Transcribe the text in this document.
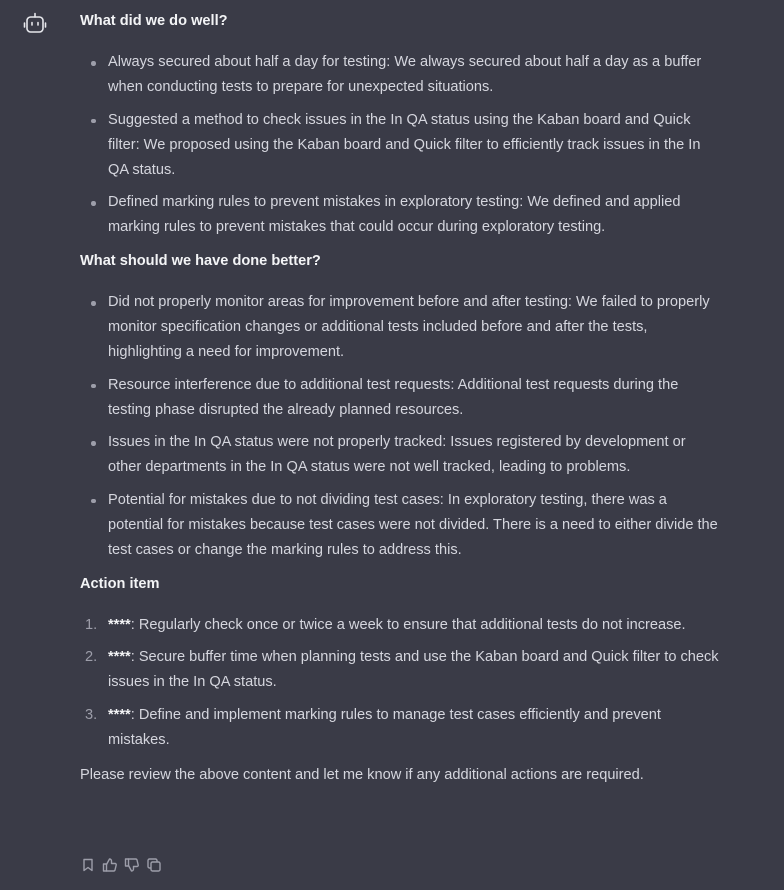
What did we do well?
Always secured about half a day for testing: We always secured about half a day as a buffer when conducting tests to prepare for unexpected situations.
Suggested a method to check issues in the In QA status using the Kaban board and Quick filter: We proposed using the Kaban board and Quick filter to efficiently track issues in the In QA status.
Defined marking rules to prevent mistakes in exploratory testing: We defined and applied marking rules to prevent mistakes that could occur during exploratory testing.
What should we have done better?
Did not properly monitor areas for improvement before and after testing: We failed to properly monitor specification changes or additional tests included before and after the tests, highlighting a need for improvement.
Resource interference due to additional test requests: Additional test requests during the testing phase disrupted the already planned resources.
Issues in the In QA status were not properly tracked: Issues registered by development or other departments in the In QA status were not well tracked, leading to problems.
Potential for mistakes due to not dividing test cases: In exploratory testing, there was a potential for mistakes because test cases were not divided. There is a need to either divide the test cases or change the marking rules to address this.
Action item
1. ****: Regularly check once or twice a week to ensure that additional tests do not increase.
2. ****: Secure buffer time when planning tests and use the Kaban board and Quick filter to check issues in the In QA status.
3. ****: Define and implement marking rules to manage test cases efficiently and prevent mistakes.

Please review the above content and let me know if any additional actions are required.
